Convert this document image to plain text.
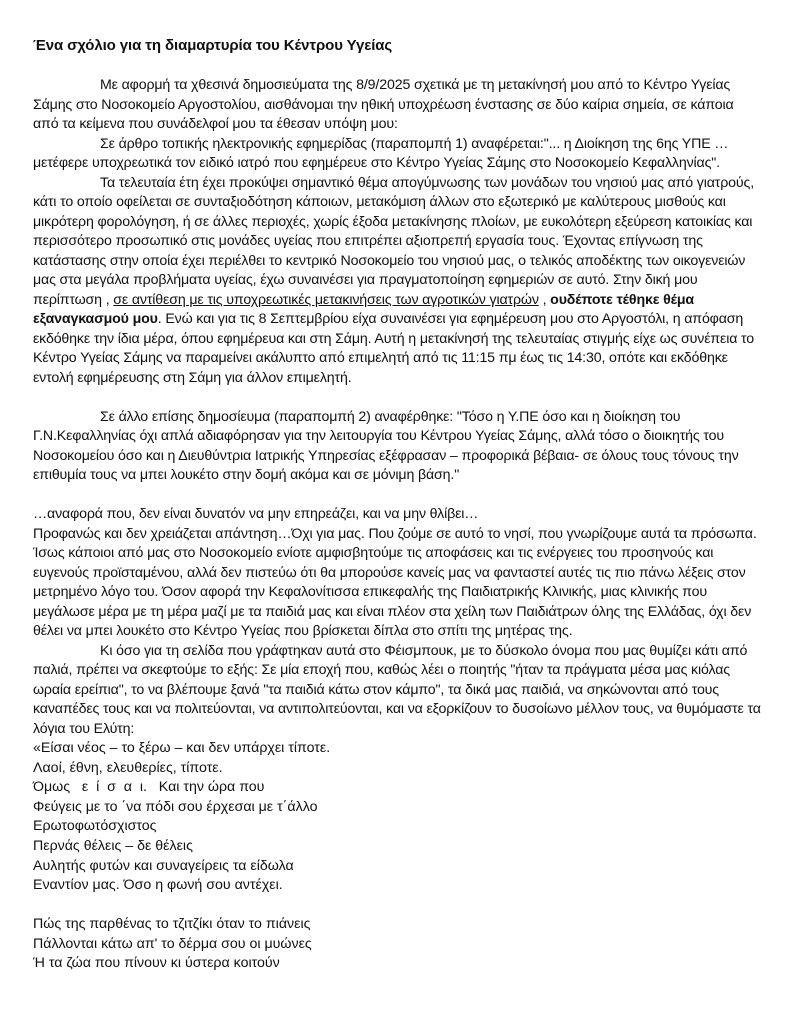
Ένα σχόλιο για τη διαμαρτυρία του Κέντρου Υγείας

Με αφορμή τα χθεσινά δημοσιεύματα της 8/9/2025 σχετικά με τη μετακίνησή μου από το Κέντρο Υγείας Σάμης στο Νοσοκομείο Αργοστολίου, αισθάνομαι την ηθική υποχρέωση ένστασης σε δύο καίρια σημεία, σε κάποια από τα κείμενα που συνάδελφοί μου τα έθεσαν υπόψη μου:

Σε άρθρο τοπικής ηλεκτρονικής εφημερίδας (παραπομπή 1) αναφέρεται:"... η Διοίκηση της 6ης ΥΠΕ … μετέφερε υποχρεωτικά τον ειδικό ιατρό που εφημέρευε στο Κέντρο Υγείας Σάμης στο Νοσοκομείο Κεφαλληνίας".

Τα τελευταία έτη έχει προκύψει σημαντικό θέμα απογύμνωσης των μονάδων του νησιού μας από γιατρούς, κάτι το οποίο οφείλεται σε συνταξιοδότηση κάποιων, μετακόμιση άλλων στο εξωτερικό με καλύτερους μισθούς και μικρότερη φορολόγηση, ή σε άλλες περιοχές, χωρίς έξοδα μετακίνησης πλοίων, με ευκολότερη εξεύρεση κατοικίας και περισσότερο προσωπικό στις μονάδες υγείας που επιτρέπει αξιοπρεπή εργασία τους. Έχοντας επίγνωση της κατάστασης στην οποία έχει περιέλθει το κεντρικό Νοσοκομείο του νησιού μας, ο τελικός αποδέκτης των οικογενειών μας στα μεγάλα προβλήματα υγείας, έχω συναινέσει για πραγματοποίηση εφημεριών σε αυτό. Στην δική μου περίπτωση , σε αντίθεση με τις υποχρεωτικές μετακινήσεις των αγροτικών γιατρών , ουδέποτε τέθηκε θέμα εξαναγκασμού μου. Ενώ και για τις 8 Σεπτεμβρίου είχα συναινέσει για εφημέρευση μου στο Αργοστόλι, η απόφαση εκδόθηκε την ίδια μέρα, όπου εφημέρευα και στη Σάμη. Αυτή η μετακίνησή της τελευταίας στιγμής είχε ως συνέπεια το Κέντρο Υγείας Σάμης να παραμείνει ακάλυπτο από επιμελητή από τις 11:15 πμ έως τις 14:30, οπότε και εκδόθηκε εντολή εφημέρευσης στη Σάμη για άλλον επιμελητή.

Σε άλλο επίσης δημοσίευμα (παραπομπή 2) αναφέρθηκε: "Τόσο η Υ.ΠΕ όσο και η διοίκηση του Γ.Ν.Κεφαλληνίας όχι απλά αδιαφόρησαν για την λειτουργία του Κέντρου Υγείας Σάμης, αλλά τόσο ο διοικητής του Νοσοκομείου όσο και η Διευθύντρια Ιατρικής Υπηρεσίας εξέφρασαν – προφορικά βέβαια- σε όλους τους τόνους την επιθυμία τους να μπει λουκέτο στην δομή ακόμα και σε μόνιμη βάση."

…αναφορά που, δεν είναι δυνατόν να μην επηρεάζει, και να μην θλίβει…

Προφανώς και δεν χρειάζεται απάντηση…Όχι για μας. Που ζούμε σε αυτό το νησί, που γνωρίζουμε αυτά τα πρόσωπα. Ίσως κάποιοι από μας στο Νοσοκομείο ενίοτε αμφισβητούμε τις αποφάσεις και τις ενέργειες του προσηνούς και ευγενούς προϊσταμένου, αλλά δεν πιστεύω ότι θα μπορούσε κανείς μας να φανταστεί αυτές τις πιο πάνω λέξεις στον μετρημένο λόγο του. Όσον αφορά την Κεφαλονίτισσα επικεφαλής της Παιδιατρικής Κλινικής, μιας κλινικής που μεγάλωσε μέρα με τη μέρα μαζί με τα παιδιά μας και είναι πλέον στα χείλη των Παιδιάτρων όλης της Ελλάδας, όχι δεν θέλει να μπει λουκέτο στο Κέντρο Υγείας που βρίσκεται δίπλα στο σπίτι της μητέρας της.

Κι όσο για τη σελίδα που γράφτηκαν αυτά στο Φέισμπουκ, με το δύσκολο όνομα που μας θυμίζει κάτι από παλιά, πρέπει να σκεφτούμε το εξής: Σε μία εποχή που, καθώς λέει ο ποιητής "ήταν τα πράγματα μέσα μας κιόλας ωραία ερείπια", το να βλέπουμε ξανά "τα παιδιά κάτω στον κάμπο", τα δικά μας παιδιά, να σηκώνονται από τους καναπέδες τους και να πολιτεύονται, να αντιπολιτεύονται, και να εξορκίζουν το δυσοίωνο μέλλον τους, να θυμόμαστε τα λόγια του Ελύτη:

«Είσαι νέος – το ξέρω – και δεν υπάρχει τίποτε.

Λαοί, έθνη, ελευθερίες, τίποτε.

Όμως   ε  ί  σ  α  ι.   Και την ώρα που

Φεύγεις με το ΄να πόδι σου έρχεσαι με τ΄άλλο

Ερωτοφωτόσχιστος

Περνάς θέλεις – δε θέλεις

Αυλητής φυτών και συναγείρεις τα είδωλα

Εναντίον μας. Όσο η φωνή σου αντέχει.

Πώς της παρθένας το τζιτζίκι όταν το πιάνεις

Πάλλονται κάτω απ' το δέρμα σου οι μυώνες

Ή τα ζώα που πίνουν κι ύστερα κοιτούν
